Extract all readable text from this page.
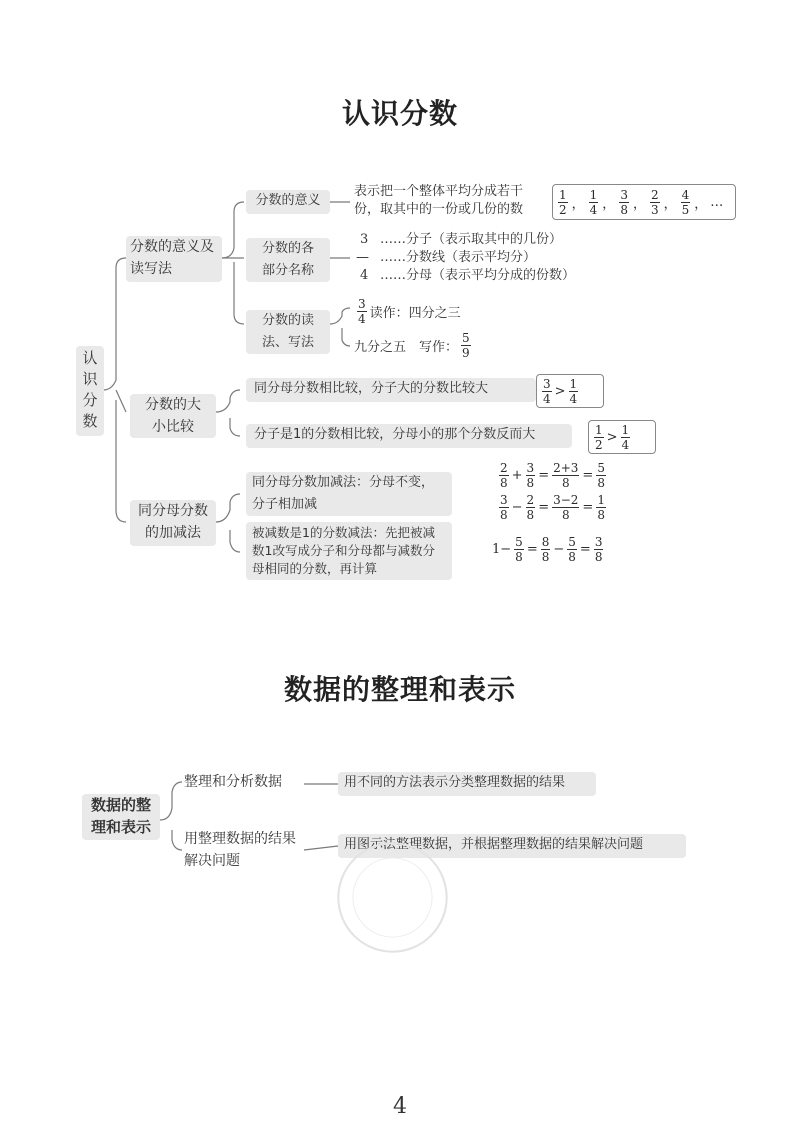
认识分数
数据的整理和表示
认识分数
分数的意义及读写法
分数的意义
表示把一个整体平均分成若干
份，取其中的一份或几份的数	$\frac{1}{2}$ ， $\frac{1}{4}$ ， $\frac{3}{8}$ ， $\frac{2}{3}$ ， $\frac{4}{5}$ ， …
分数的各部分名称
3 ……分子（表示取其中的几份）
— ……分数线（表示平均分）
4 ……分母（表示平均分成的份数）
分数的读法、写法
$\frac{3}{4}$ 读作：四分之三
九分之五　写作： $\frac{5}{9}$
分数的大小比较
同分母分数相比较，分子大的分数比较大	$\frac{3}{4} > \frac{1}{4}$
分子是1的分数相比较，分母小的那个分数反而大	$\frac{1}{2} > \frac{1}{4}$
同分母分数的加减法
同分母分数加减法：分母不变，分子相加减
被减数是1的分数减法：先把被减数1改写成分子和分母都与减数分母相同的分数，再计算
$\frac{2}{8} + \frac{3}{8} = \frac{2+3}{8} = \frac{5}{8}$
$\frac{3}{8} - \frac{2}{8} = \frac{3-2}{8} = \frac{1}{8}$
$1- \frac{5}{8} = \frac{8}{8} - \frac{5}{8} = \frac{3}{8}$
数据的整理和表示
整理和分析数据	用不同的方法表示分类整理数据的结果
用整理数据的结果解决问题
用图示法整理数据，并根据整理数据的结果解决问题
4
